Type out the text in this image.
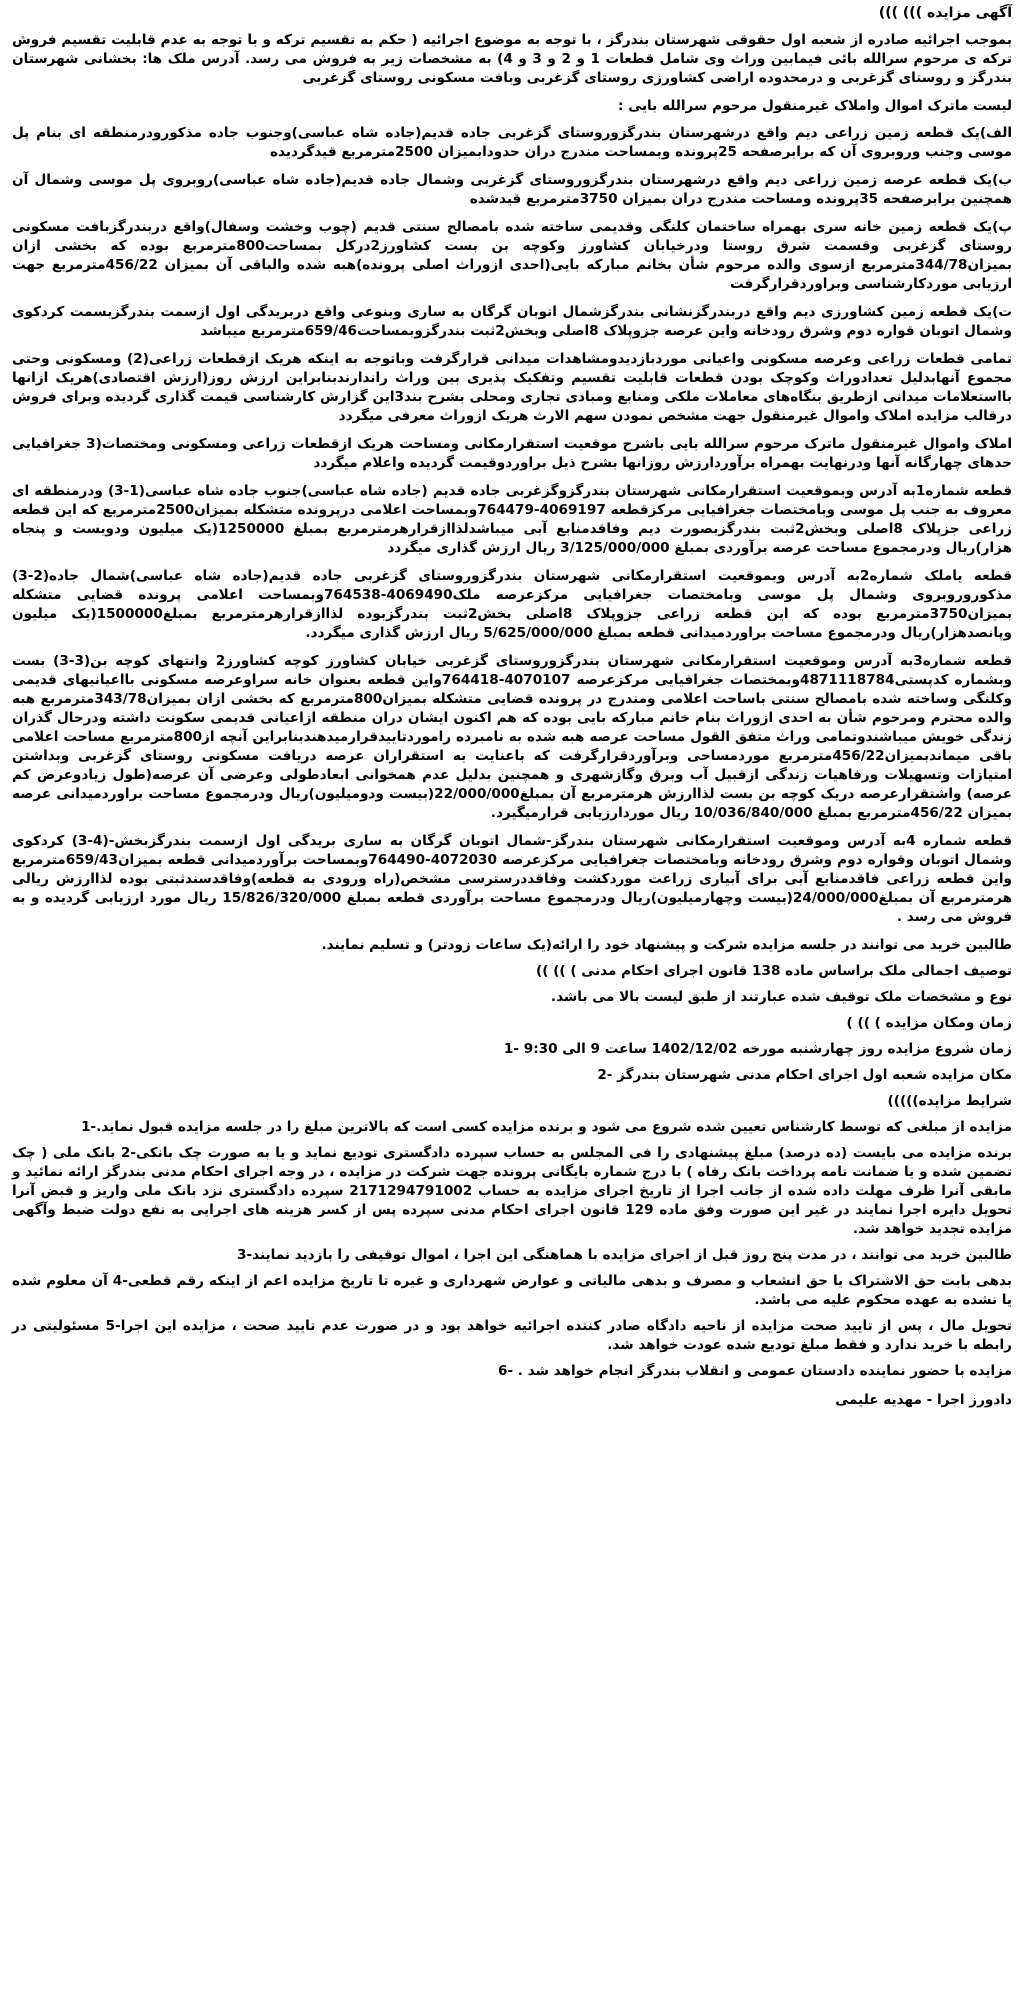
آگهی مزایده ))) )))

بموجب اجرائیه صادره از شعبه اول حقوقی شهرستان بندرگز ، با توجه به موضوع اجرائیه ( حکم به تقسیم ترکه و با توجه به عدم قابلیت تقسیم فروش ترکه ی مرحوم سرالله بائی فیمابین وراث وی شامل قطعات 1 و 2 و 3 و 4) به مشخصات زیر به فروش می رسد. آدرس ملک ها: بخشانی شهرستان بندرگز و روستای گزغربی و درمحدوده اراضی کشاورزی روستای گزغربی وبافت مسکونی روستای گزغربی

لیست ماترک اموال واملاک غیرمنقول مرحوم سرالله بایی :

الف)یک قطعه زمین زراعی دیم واقع درشهرستان بندرگزوروستای گزغربی جاده قدیم(جاده شاه عباسی)وجنوب جاده مذکورودرمنطقه ای بنام پل موسی وجنب وروبروی آن که برابرصفحه 25پرونده وبمساحت مندرج دران حدودابمیزان 2500مترمربع قیدگردیده

ب)یک قطعه عرصه زمین زراعی دیم واقع درشهرستان بندرگزوروستای گزغربی وشمال جاده قدیم(جاده شاه عباسی)روبروی پل موسی وشمال آن همچنین برابرصفحه 35پرونده ومساحت مندرج دران بمیزان 3750مترمربع قیدشده

پ)یک قطعه زمین خانه سری بهمراه ساختمان کلنگی وقدیمی ساخته شده بامصالح سنتی قدیم (چوب وخشت وسفال)واقع دربندرگزبافت مسکونی روستای گزغربی وقسمت شرق روستا ودرخیابان کشاورز وکوچه بن بست کشاورز2درکل بمساحت800مترمربع بوده که بخشی ازان بمیزان344/78مترمربع ازسوی والده مرحوم شأن بخانم مبارکه بایی(احدی ازوراث اصلی پرونده)هبه شده والباقی آن بمیزان 456/22مترمربع جهت ارزیابی موردکارشناسی وبراوردقرارگرفت

ت)یک قطعه زمین کشاورزی دیم واقع دربندرگزنشانی بندرگزشمال اتوبان گرگان به ساری وبنوعی واقع دربریدگی اول ازسمت بندرگزبسمت کردکوی وشمال اتوبان قواره دوم وشرق رودخانه واین عرصه جزوپلاک 8اصلی وبخش2ثبت بندرگزوبمساحت659/46مترمربع میباشد

تمامی قطعات زراعی وعرصه مسکونی واعیانی موردبازدیدومشاهدات میدانی قرارگرفت وباتوجه به اینکه هریک ازقطعات زراعی(2) ومسکونی وحتی مجموع آنهابدلیل تعدادوراث وکوچک بودن قطعات قابلیت تقسیم وتفکیک پذیری بین وراث راندارندبنابراین ارزش روز(ارزش اقتصادی)هریک ازانها بااستعلامات میدانی ازطریق بنگاه‌های معاملات ملکی ومنابع ومبادی تجاری ومحلی بشرح بند3این گزارش کارشناسی قیمت گذاری گردیده وبرای فروش درقالب مزایده املاک واموال غیرمنقول جهت مشخص نمودن سهم الارث هریک ازوراث معرفی میگردد

املاک واموال غیرمنقول ماترک مرحوم سرالله بایی باشرح موقعیت استقرارمکانی ومساحت هریک ازقطعات زراعی ومسکونی ومختصات(3 جغرافیایی حدهای چهارگانه آنها ودرنهایت بهمراه برآوردارزش روزانها بشرح ذیل براوردوقیمت گردیده واعلام میگردد

قطعه شماره1به آدرس وبموقعیت استقرارمکانی شهرستان بندرگزوگزغربی جاده قدیم (جاده شاه عباسی)جنوب جاده شاه عباسی(1-3) ودرمنطقه ای معروف به جنب پل موسی وبامختصات جغرافیایی مرکزقطعه 4069197-764479وبمساحت اعلامی درپرونده متشکله بمیزان2500مترمربع که این قطعه زراعی جزپلاک 8اصلی وبخش2ثبت بندرگزبصورت دیم وفاقدمنابع آبی میباشدلذاازقرارهرمترمربع بمبلغ 1250000(یک میلیون ودویست و پنجاه هزار)ریال ودرمجموع مساحت عرصه برآوردی بمبلغ 3/125/000/000 ریال ارزش گذاری میگردد

قطعه یاملک شماره2به آدرس وبموقعیت استقرارمکانی شهرستان بندرگزوروستای گزغربی جاده قدیم(جاده شاه عباسی)شمال جاده(2-3) مذکوروروبروی وشمال پل موسی وبامختصات جغرافیایی مرکزعرصه ملک4069490-764538وبمساحت اعلامی پرونده قضایی متشکله بمیزان3750مترمربع بوده که این قطعه زراعی جزوپلاک 8اصلی بخش2ثبت بندرگزبوده لذاازقرارهرمترمربع بمبلغ1500000(یک میلیون وپانصدهزار)ریال ودرمجموع مساحت براوردمیدانی قطعه بمبلغ 5/625/000/000 ریال ارزش گذاری میگردد.

قطعه شماره3به آدرس وموقعیت استقرارمکانی شهرستان بندرگزوروستای گزغربی خیابان کشاورز کوچه کشاورز2 وانتهای کوچه بن(3-3) بست وبشماره کدپستی4871118784وبمختصات جغرافیایی مرکزعرصه 4070107-764418واین قطعه بعنوان خانه سراوعرصه مسکونی بااعیانیهای قدیمی وکلنگی وساخته شده بامصالح سنتی باساحت اعلامی ومندرج در پرونده قضایی متشکله بمیزان800مترمربع که بخشی ازان بمیزان343/78مترمربع هبه والده محترم ومرحوم شأن به احدی ازوراث بنام خانم مبارکه بایی بوده که هم اکنون ایشان دران منطقه ازاعیانی قدیمی سکونت داشته ودرحال گذران زندگی خویش میباشندوتمامی وراث متفق القول مساحت عرصه هبه شده به نامبرده راموردتاییدقرارمیدهندبنابراین آنچه از800مترمربع مساحت اعلامی باقی میماندبمیزان456/22مترمربع موردمساحی وبرآوردقرارگرفت که باعنایت به استقراران عرصه دریافت مسکونی روستای گزغربی وبداشتن امتیازات وتسهیلات ورفاهیات زندگی ازقبیل آب وبرق وگازشهری و همچنین بدلیل عدم همخوانی ابعادطولی وعرضی آن عرصه(طول زیادوعرض کم عرصه) واشتقرارعرصه دریک کوچه بن بست لذاارزش هرمترمربع آن بمبلغ22/000/000(بیست ودومیلیون)ریال ودرمجموع مساحت براوردمیدانی عرصه بمیزان 456/22مترمربع بمبلغ 10/036/840/000 ریال موردارزیابی قرارمیگیرد.

قطعه شماره 4به آدرس وموقعیت استقرارمکانی شهرستان بندرگز-شمال اتوبان گرگان به ساری بریدگی اول ازسمت بندرگزبخش-(4-3) کردکوی وشمال اتوبان وقواره دوم وشرق رودخانه وبامختصات جغرافیایی مرکزعرصه 4072030-764490وبمساحت برآوردمیدانی قطعه بمیزان659/43مترمربع واین قطعه زراعی فاقدمنابع آبی برای آبیاری زراعت موردکشت وفاقددرسترسی مشخص(راه ورودی به قطعه)وفاقدسندثبتی بوده لذاارزش ریالی هرمترمربع آن بمبلغ24/000/000(بیست وچهارمیلیون)ریال ودرمجموع مساحت برآوردی قطعه بمبلغ 15/826/320/000 ریال مورد ارزیابی گردیده و به فروش می رسد .

طالبین خرید می توانند در جلسه مزایده شرکت و پیشنهاد خود را ارائه(یک ساعات زودتر) و تسلیم نمایند.

توصیف اجمالی ملک براساس ماده 138 قانون اجرای احکام مدنی ) )) ))

نوع و مشخصات ملک توقیف شده عبارتند از طبق لیست بالا می باشد.

زمان ومکان مزایده ) )) )

زمان شروع مزایده روز چهارشنبه مورخه 1402/12/02 ساعت 9 الی 9:30 -1

مکان مزایده شعبه اول اجرای احکام مدنی شهرستان بندرگز -2

شرایط مزایده)))))

مزایده از مبلغی که توسط کارشناس تعیین شده شروع می شود و برنده مزایده کسی است که بالاترین مبلغ را در جلسه مزایده قبول نماید.-1

برنده مزایده می بایست (ده درصد) مبلغ پیشنهادی را فی المجلس به حساب سپرده دادگستری تودیع نماید و یا به صورت چک بانکی-2 بانک ملی ( چک تضمین شده و یا ضمانت نامه پرداخت بانک رفاه ) با درج شماره بایگانی پرونده جهت شرکت در مزایده ، در وجه اجرای احکام مدنی بندرگز ارائه نمائید و مابقی آنرا ظرف مهلت داده شده از جانب اجرا از تاریخ اجرای مزایده به حساب 2171294791002 سپرده دادگستری نزد بانک ملی واریز و قبض آنرا تحویل دایره اجرا نمایند در غیر این صورت وفق ماده 129 قانون اجرای احکام مدنی سپرده پس از کسر هزینه های اجرایی به نفع دولت ضبط وآگهی مزایده تجدید خواهد شد.

طالبین خرید می توانند ، در مدت پنج روز قبل از اجرای مزایده با هماهنگی این اجرا ، اموال توقیفی را بازدید نمایند-3

بدهی بابت حق الاشتراک یا حق انشعاب و مصرف و بدهی مالیاتی و عوارض شهرداری و غیره تا تاریخ مزایده اعم از اینکه رقم قطعی-4 آن معلوم شده یا نشده به عهده محکوم علیه می باشد.

تحویل مال ، پس از تایید صحت مزایده از ناحیه دادگاه صادر کننده اجرائیه خواهد بود و در صورت عدم تایید صحت ، مزایده این اجرا-5 مسئولیتی در رابطه با خرید ندارد و فقط مبلغ تودیع شده عودت خواهد شد.

مزایده با حضور نماینده دادستان عمومی و انقلاب بندرگز انجام خواهد شد . -6

دادورز اجرا - مهدیه علیمی
